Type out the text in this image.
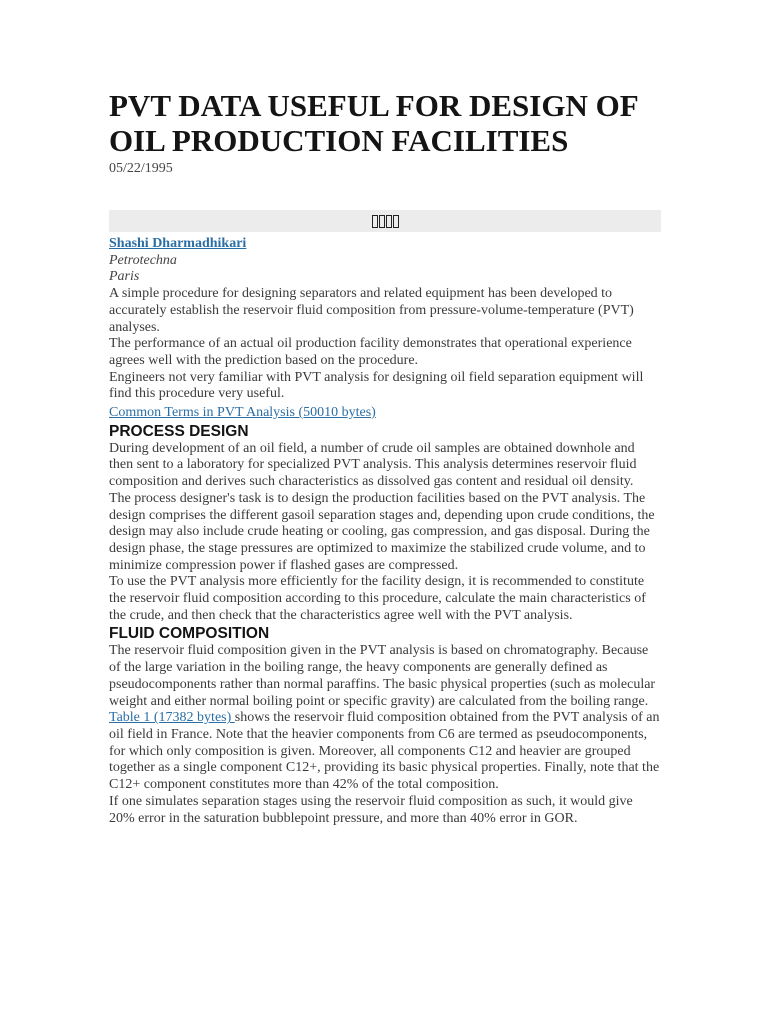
PVT DATA USEFUL FOR DESIGN OF OIL PRODUCTION FACILITIES
05/22/1995
Shashi Dharmadhikari
Petrotechna
Paris

A simple procedure for designing separators and related equipment has been developed to accurately establish the reservoir fluid composition from pressure-volume-temperature (PVT) analyses.

The performance of an actual oil production facility demonstrates that operational experience agrees well with the prediction based on the procedure.

Engineers not very familiar with PVT analysis for designing oil field separation equipment will find this procedure very useful.

Common Terms in PVT Analysis (50010 bytes)
PROCESS DESIGN

During development of an oil field, a number of crude oil samples are obtained downhole and then sent to a laboratory for specialized PVT analysis. This analysis determines reservoir fluid composition and derives such characteristics as dissolved gas content and residual oil density.

The process designer's task is to design the production facilities based on the PVT analysis. The design comprises the different gasoil separation stages and, depending upon crude conditions, the design may also include crude heating or cooling, gas compression, and gas disposal. During the design phase, the stage pressures are optimized to maximize the stabilized crude volume, and to minimize compression power if flashed gases are compressed.

To use the PVT analysis more efficiently for the facility design, it is recommended to constitute the reservoir fluid composition according to this procedure, calculate the main characteristics of the crude, and then check that the characteristics agree well with the PVT analysis.

FLUID COMPOSITION

The reservoir fluid composition given in the PVT analysis is based on chromatography. Because of the large variation in the boiling range, the heavy components are generally defined as pseudocomponents rather than normal paraffins. The basic physical properties (such as molecular weight and either normal boiling point or specific gravity) are calculated from the boiling range.

Table 1 (17382 bytes) shows the reservoir fluid composition obtained from the PVT analysis of an oil field in France. Note that the heavier components from C6 are termed as pseudocomponents, for which only composition is given. Moreover, all components C12 and heavier are grouped together as a single component C12+, providing its basic physical properties. Finally, note that the C12+ component constitutes more than 42% of the total composition.

If one simulates separation stages using the reservoir fluid composition as such, it would give 20% error in the saturation bubblepoint pressure, and more than 40% error in GOR.
